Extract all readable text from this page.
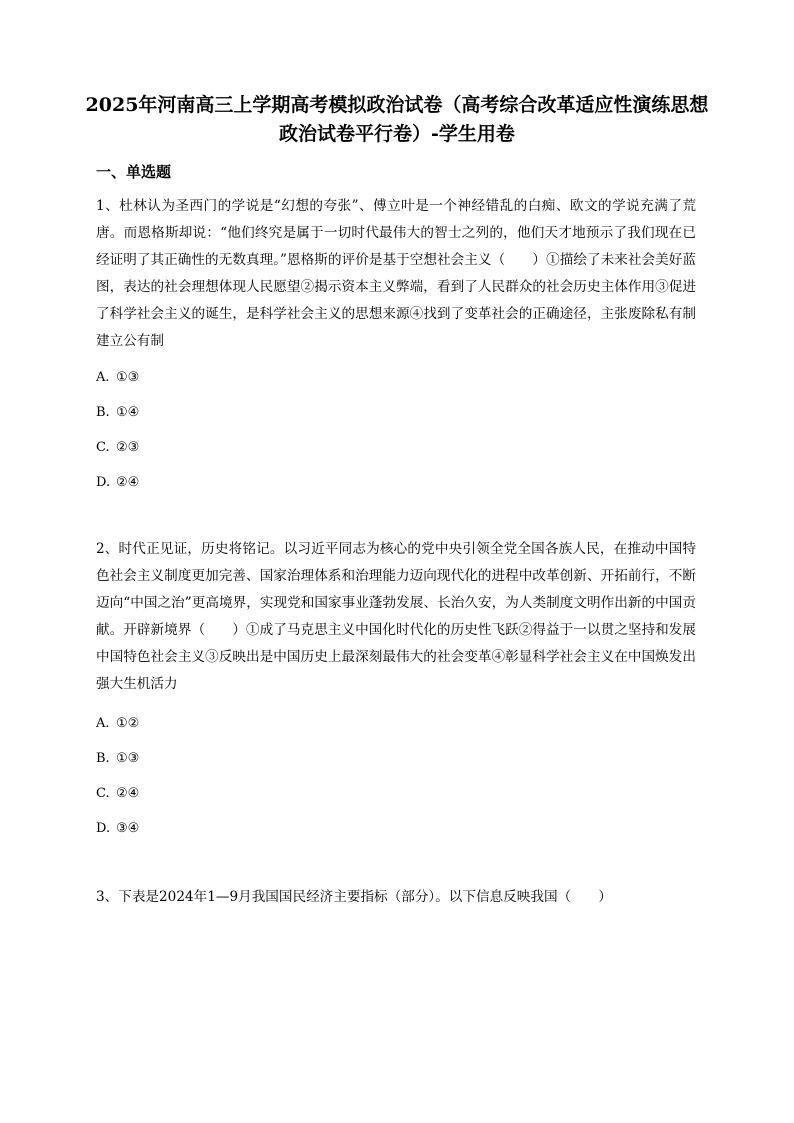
2025年河南高三上学期高考模拟政治试卷（高考综合改革适应性演练思想政治试卷平行卷）-学生用卷
一、单选题
1、杜林认为圣西门的学说是“幻想的夸张”、傅立叶是一个神经错乱的白痴、欧文的学说充满了荒唐。而恩格斯却说：“他们终究是属于一切时代最伟大的智士之列的，他们天才地预示了我们现在已经证明了其正确性的无数真理。”恩格斯的评价是基于空想社会主义（　　）①描绘了未来社会美好蓝图，表达的社会理想体现人民愿望②揭示资本主义弊端，看到了人民群众的社会历史主体作用③促进了科学社会主义的诞生，是科学社会主义的思想来源④找到了变革社会的正确途径，主张废除私有制建立公有制
A. ①③
B. ①④
C. ②③
D. ②④
2、时代正见证，历史将铭记。以习近平同志为核心的党中央引领全党全国各族人民，在推动中国特色社会主义制度更加完善、国家治理体系和治理能力迈向现代化的进程中改革创新、开拓前行，不断迈向“中国之治”更高境界，实现党和国家事业蓬勃发展、长治久安，为人类制度文明作出新的中国贡献。开辟新境界（　　）①成了马克思主义中国化时代化的历史性飞跃②得益于一以贯之坚持和发展中国特色社会主义③反映出是中国历史上最深刻最伟大的社会变革④彰显科学社会主义在中国焕发出强大生机活力
A. ①②
B. ①③
C. ②④
D. ③④
3、下表是2024年1—9月我国国民经济主要指标（部分）。以下信息反映我国（　　）
